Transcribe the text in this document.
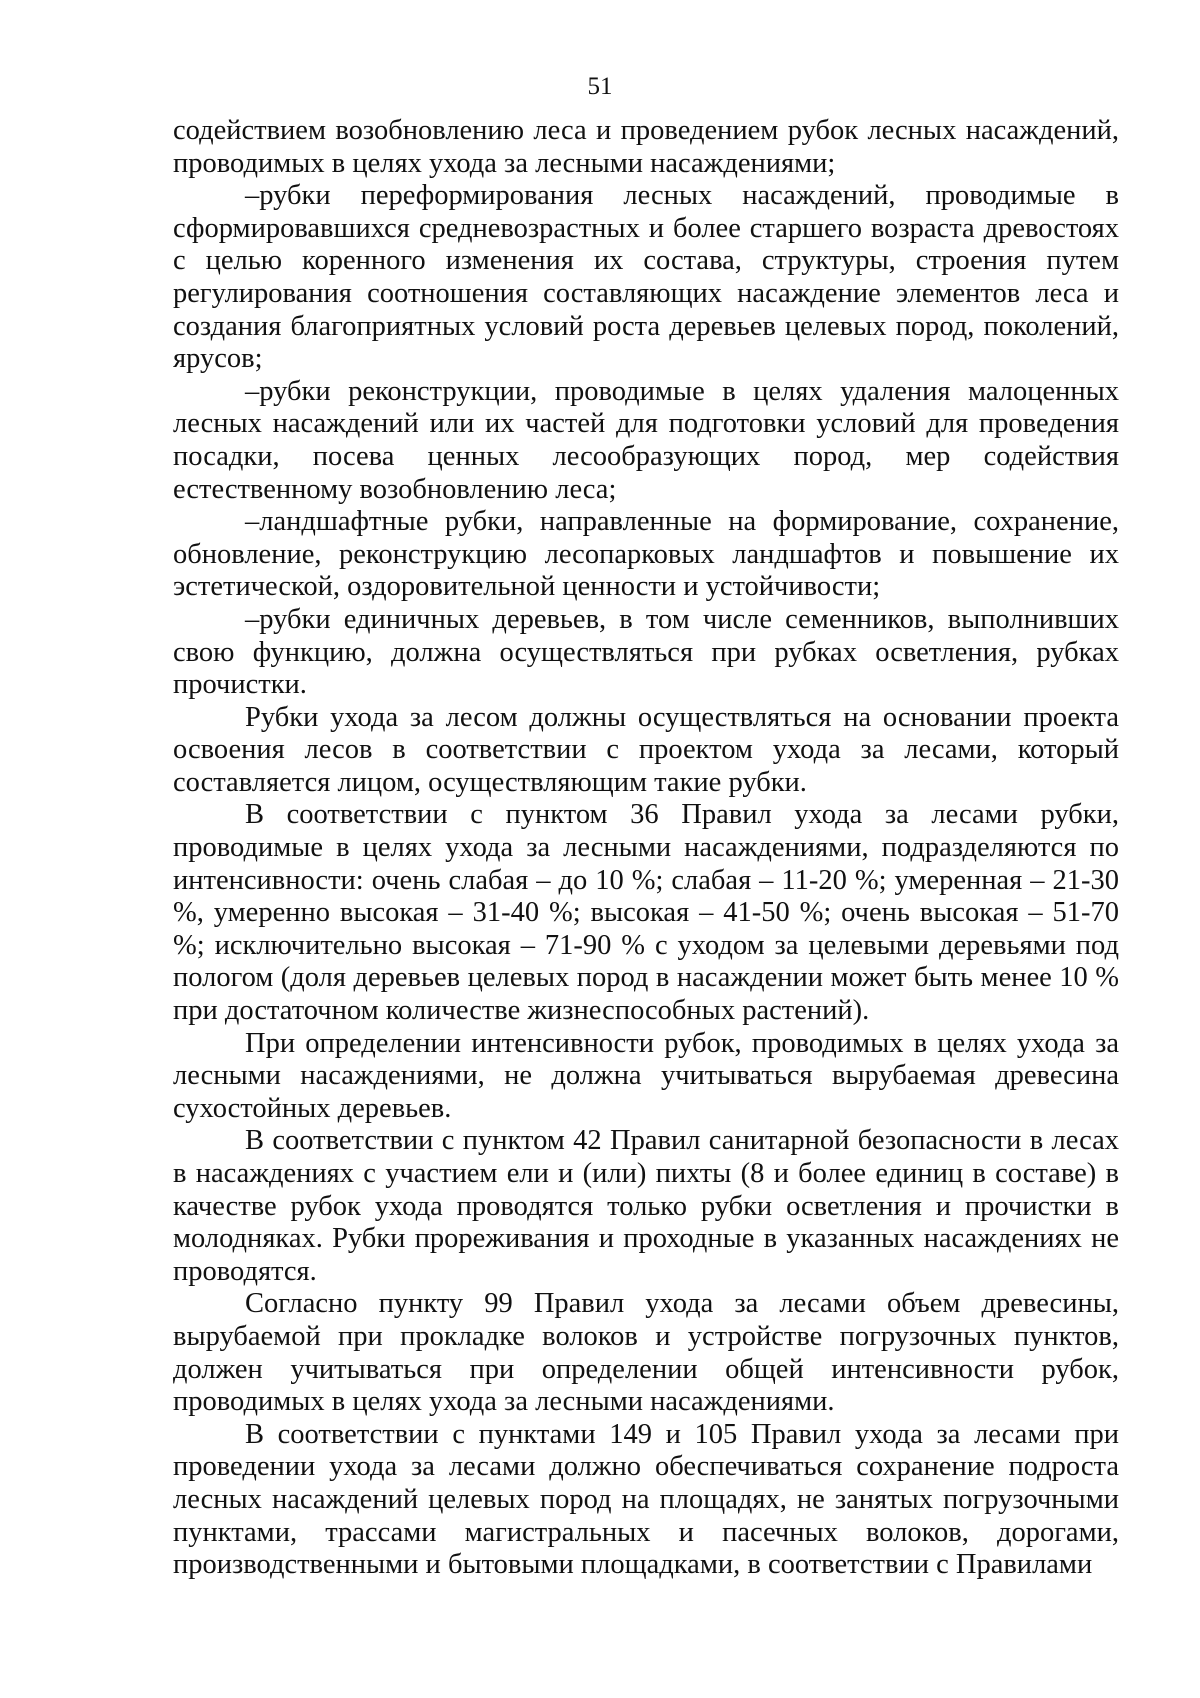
51

содействием возобновлению леса и проведением рубок лесных насаждений, проводимых в целях ухода за лесными насаждениями;

–рубки переформирования лесных насаждений, проводимые в сформировавшихся средневозрастных и более старшего возраста древостоях с целью коренного изменения их состава, структуры, строения путем регулирования соотношения составляющих насаждение элементов леса и создания благоприятных условий роста деревьев целевых пород, поколений, ярусов;

–рубки реконструкции, проводимые в целях удаления малоценных лесных насаждений или их частей для подготовки условий для проведения посадки, посева ценных лесообразующих пород, мер содействия естественному возобновлению леса;

–ландшафтные рубки, направленные на формирование, сохранение, обновление, реконструкцию лесопарковых ландшафтов и повышение их эстетической, оздоровительной ценности и устойчивости;

–рубки единичных деревьев, в том числе семенников, выполнивших свою функцию, должна осуществляться при рубках осветления, рубках прочистки.

Рубки ухода за лесом должны осуществляться на основании проекта освоения лесов в соответствии с проектом ухода за лесами, который составляется лицом, осуществляющим такие рубки.

В соответствии с пунктом 36 Правил ухода за лесами рубки, проводимые в целях ухода за лесными насаждениями, подразделяются по интенсивности: очень слабая – до 10 %; слабая – 11-20 %; умеренная – 21-30 %, умеренно высокая – 31-40 %; высокая – 41-50 %; очень высокая – 51-70 %; исключительно высокая – 71-90 % с уходом за целевыми деревьями под пологом (доля деревьев целевых пород в насаждении может быть менее 10 % при достаточном количестве жизнеспособных растений).

При определении интенсивности рубок, проводимых в целях ухода за лесными насаждениями, не должна учитываться вырубаемая древесина сухостойных деревьев.

В соответствии с пунктом 42 Правил санитарной безопасности в лесах в насаждениях с участием ели и (или) пихты (8 и более единиц в составе) в качестве рубок ухода проводятся только рубки осветления и прочистки в молодняках. Рубки прореживания и проходные в указанных насаждениях не проводятся.

Согласно пункту 99 Правил ухода за лесами объем древесины, вырубаемой при прокладке волоков и устройстве погрузочных пунктов, должен учитываться при определении общей интенсивности рубок, проводимых в целях ухода за лесными насаждениями.

В соответствии с пунктами 149 и 105 Правил ухода за лесами при проведении ухода за лесами должно обеспечиваться сохранение подроста лесных насаждений целевых пород на площадях, не занятых погрузочными пунктами, трассами магистральных и пасечных волоков, дорогами, производственными и бытовыми площадками, в соответствии с Правилами
